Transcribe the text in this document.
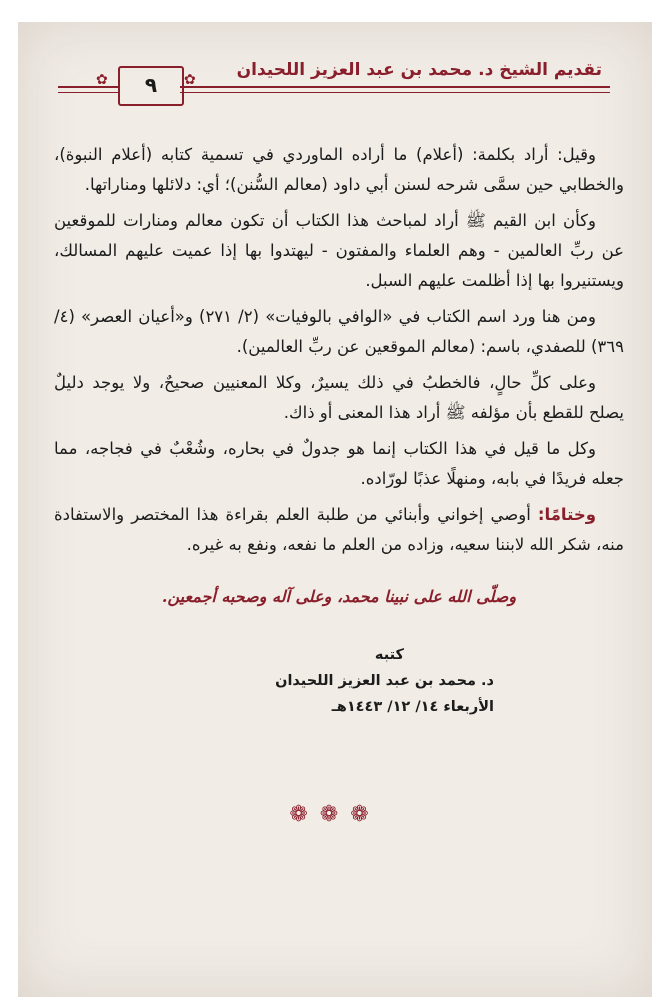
تقديم الشيخ د. محمد بن عبد العزيز اللحيدان
٩
✿	✿

وقيل: أراد بكلمة: (أعلام) ما أراده الماوردي في تسمية كتابه (أعلام النبوة)، والخطابي حين سمَّى شرحه لسنن أبي داود (معالم السُّنن)؛ أي: دلائلها ومناراتها.

وكأن ابن القيم ﷺ أراد لمباحث هذا الكتاب أن تكون معالم ومنارات للموقعين عن ربِّ العالمين - وهم العلماء والمفتون - ليهتدوا بها إذا عميت عليهم المسالك، ويستنيروا بها إذا أظلمت عليهم السبل.

ومن هنا ورد اسم الكتاب في «الوافي بالوفيات» (٢/ ٢٧١) و«أعيان العصر» (٤/ ٣٦٩) للصفدي، باسم: (معالم الموقعين عن ربِّ العالمين).

وعلى كلِّ حالٍ، فالخطبُ في ذلك يسيرٌ، وكلا المعنيين صحيحٌ، ولا يوجد دليلٌ يصلح للقطع بأن مؤلفه ﷺ أراد هذا المعنى أو ذاك.

وكل ما قيل في هذا الكتاب إنما هو جدولٌ في بحاره، وشُعْبٌ في فجاجه، مما جعله فريدًا في بابه، ومنهلًا عذبًا لورّاده.

وختامًا: أوصي إخواني وأبنائي من طلبة العلم بقراءة هذا المختصر والاستفادة منه، شكر الله لابننا سعيه، وزاده من العلم ما نفعه، ونفع به غيره.

وصلّى الله على نبينا محمد، وعلى آله وصحبه أجمعين.
كتبه
د. محمد بن عبد العزيز اللحيدان
الأربعاء ١٤/ ١٢/ ١٤٤٣هـ
❁❁❁
